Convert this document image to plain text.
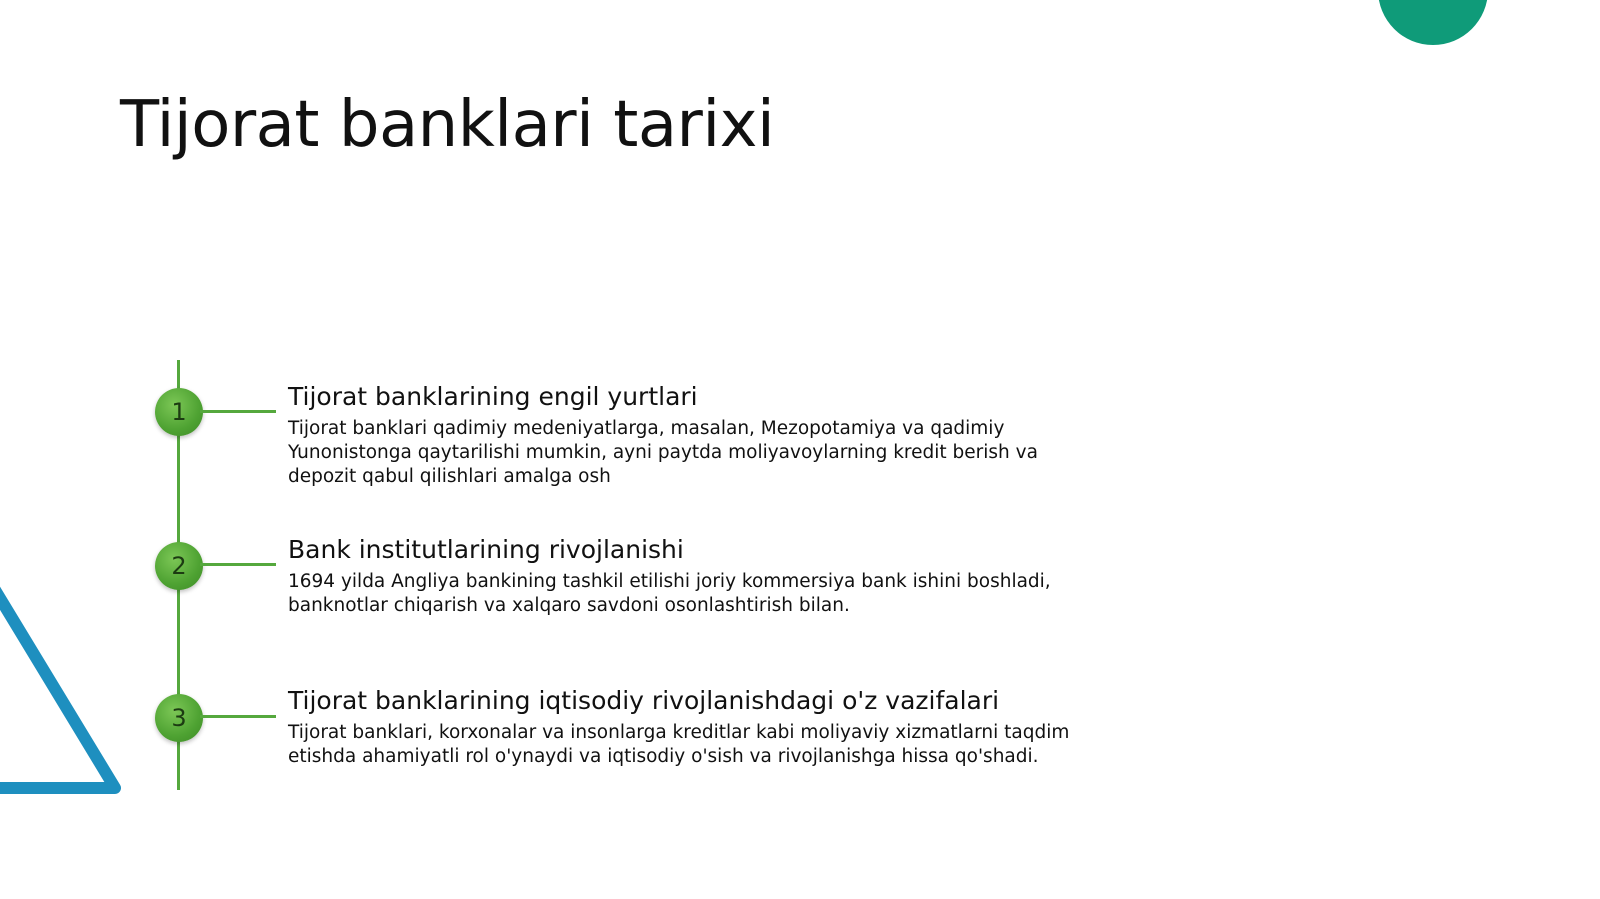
Tijorat banklari tarixi
1

Tijorat banklarining engil yurtlari

Tijorat banklari qadimiy medeniyatlarga, masalan, Mezopotamiya va qadimiy Yunonistonga qaytarilishi mumkin, ayni paytda moliyavoylarning kredit berish va depozit qabul qilishlari amalga osh

2

Bank institutlarining rivojlanishi

1694 yilda Angliya bankining tashkil etilishi joriy kommersiya bank ishini boshladi, banknotlar chiqarish va xalqaro savdoni osonlashtirish bilan.

3

Tijorat banklarining iqtisodiy rivojlanishdagi o'z vazifalari

Tijorat banklari, korxonalar va insonlarga kreditlar kabi moliyaviy xizmatlarni taqdim etishda ahamiyatli rol o'ynaydi va iqtisodiy o'sish va rivojlanishga hissa qo'shadi.
